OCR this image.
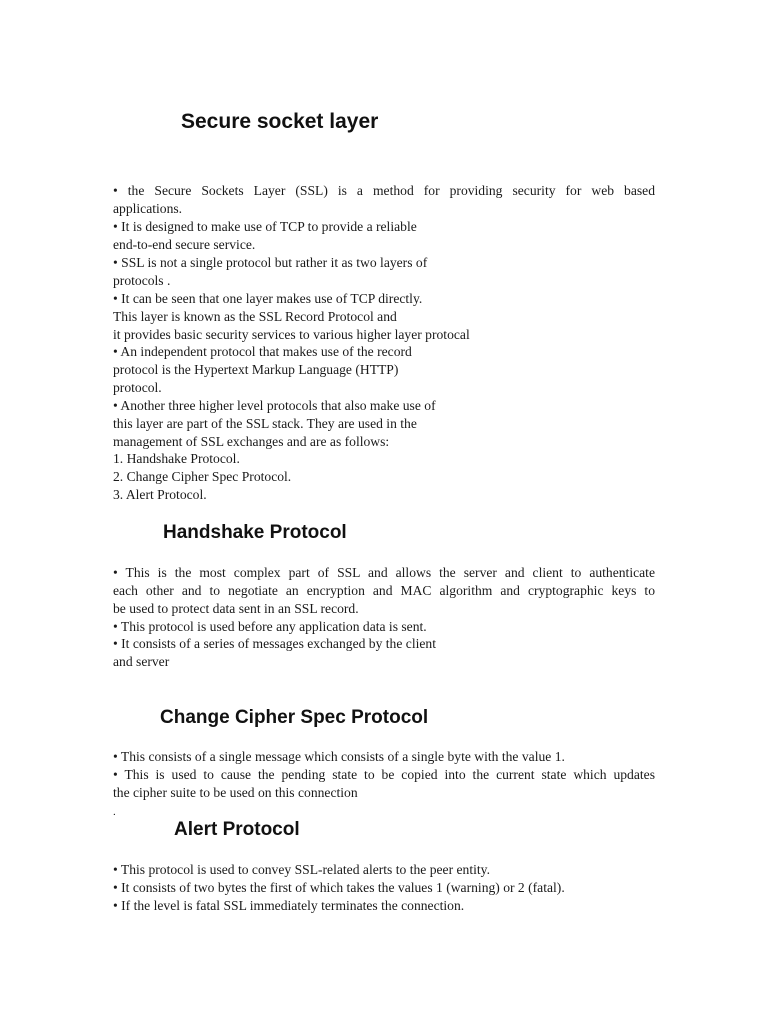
Secure socket layer
• the Secure Sockets Layer (SSL) is a method for providing security for web based
applications.
• It is designed to make use of TCP to provide a reliable
end-to-end secure service.
• SSL is not a single protocol but rather it as two layers of
protocols .
• It can be seen that one layer makes use of TCP directly.
This layer is known as the SSL Record Protocol and
it provides basic security services to various higher layer protocal
• An independent protocol that makes use of the record
protocol is the Hypertext Markup Language (HTTP)
protocol.
• Another three higher level protocols that also make use of
this layer are part of the SSL stack. They are used in the
management of SSL exchanges and are as follows:
1. Handshake Protocol.
2. Change Cipher Spec Protocol.
3. Alert Protocol.
Handshake Protocol
• This is the most complex part of SSL and allows the server and client to authenticate
each other and to negotiate an encryption and MAC algorithm and cryptographic keys to
be used to protect data sent in an SSL record.
• This protocol is used before any application data is sent.
• It consists of a series of messages exchanged by the client
and server
Change Cipher Spec Protocol
• This consists of a single message which consists of a single byte with the value 1.
• This is used to cause the pending state to be copied into the current state which updates
the cipher suite to be used on this connection
.
Alert Protocol
• This protocol is used to convey SSL-related alerts to the peer entity.
• It consists of two bytes the first of which takes the values 1 (warning) or 2 (fatal).
• If the level is fatal SSL immediately terminates the connection.
